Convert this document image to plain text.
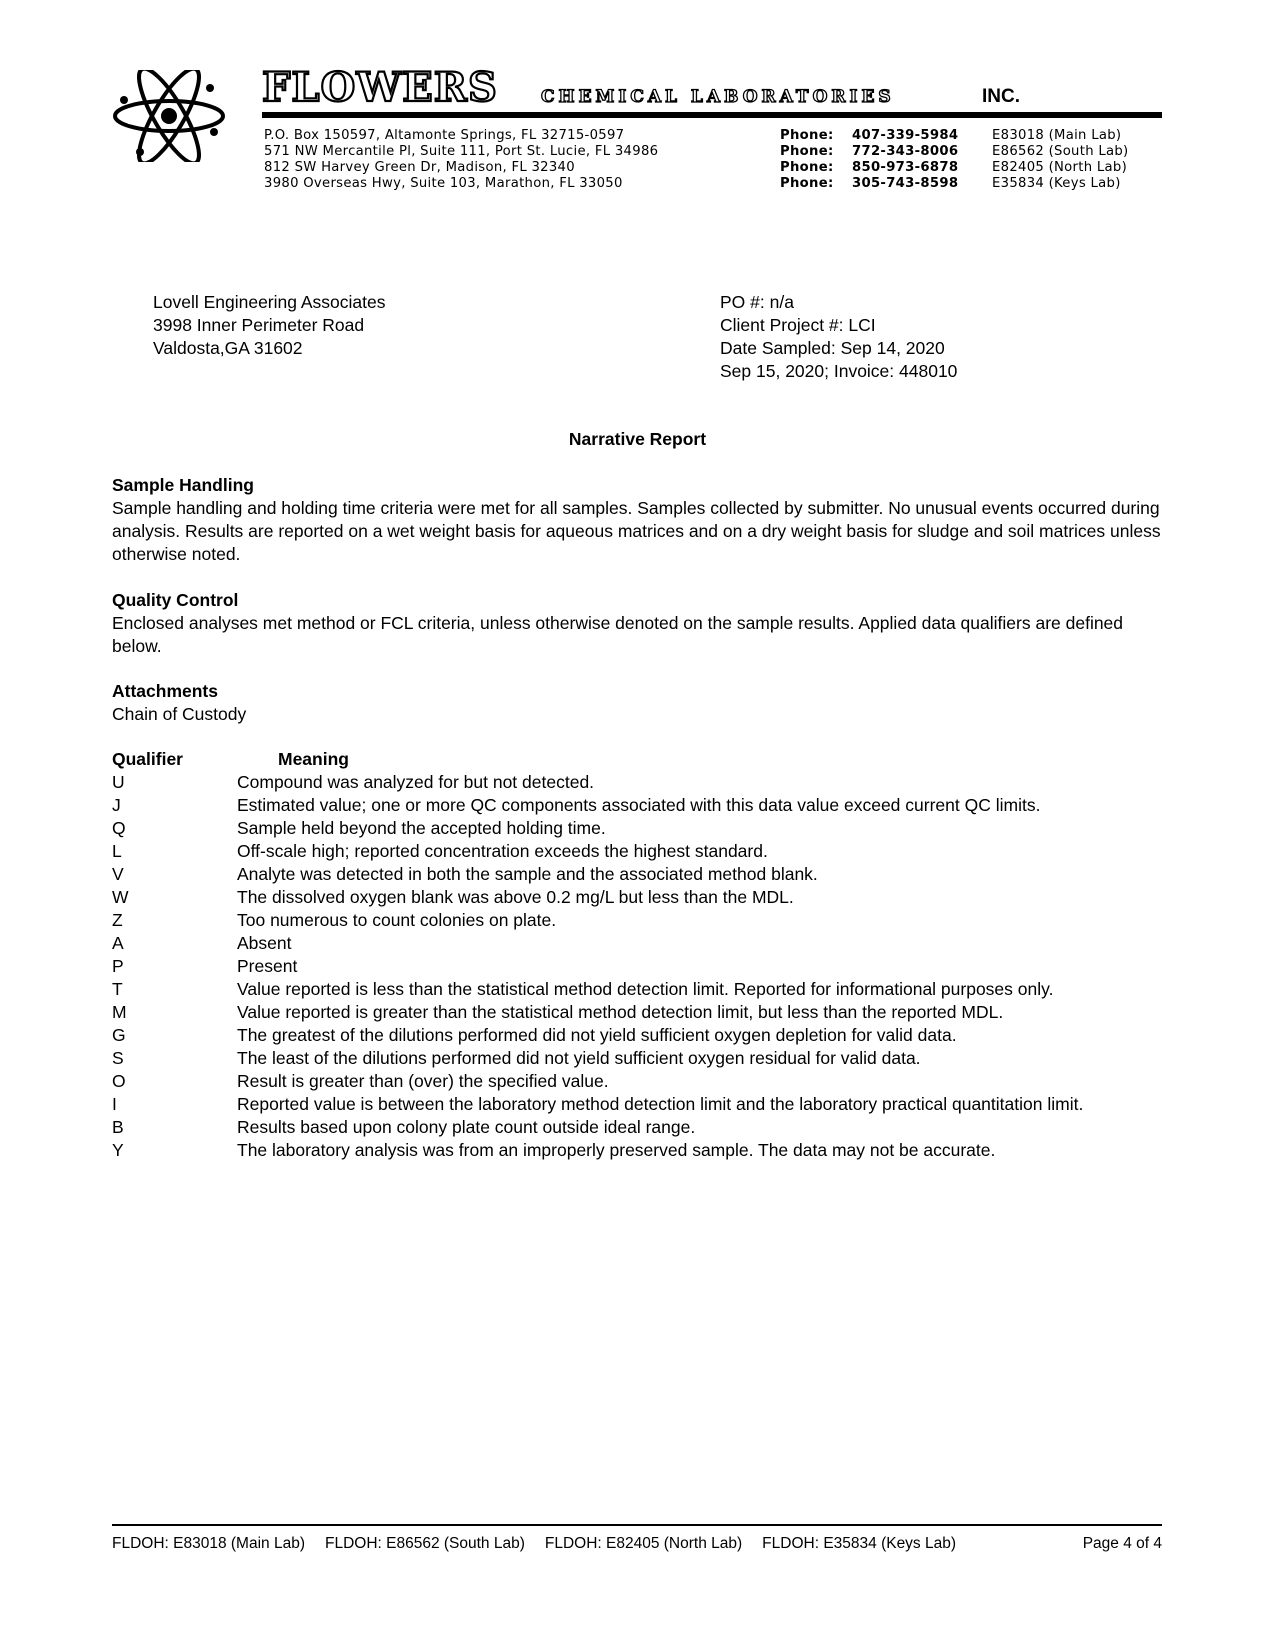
FLOWERS	CHEMICAL LABORATORIES	INC.
P.O. Box 150597, Altamonte Springs, FL 32715-0597
571 NW Mercantile Pl, Suite 111, Port St. Lucie, FL 34986
812 SW Harvey Green Dr, Madison, FL 32340
3980 Overseas Hwy, Suite 103, Marathon, FL 33050
Phone: 407-339-5984	E83018 (Main Lab)
Phone: 772-343-8006	E86562 (South Lab)
Phone: 850-973-6878	E82405 (North Lab)
Phone: 305-743-8598	E35834 (Keys Lab)
Lovell Engineering Associates
3998 Inner Perimeter Road
Valdosta,GA 31602
PO #: n/a
Client Project #: LCI
Date Sampled: Sep 14, 2020
Sep 15, 2020; Invoice: 448010
Narrative Report
Sample Handling
Sample handling and holding time criteria were met for all samples. Samples collected by submitter. No unusual events occurred during analysis. Results are reported on a wet weight basis for aqueous matrices and on a dry weight basis for sludge and soil matrices unless otherwise noted.
Quality Control
Enclosed analyses met method or FCL criteria, unless otherwise denoted on the sample results. Applied data qualifiers are defined below.
Attachments
Chain of Custody
Qualifier	Meaning
U	Compound was analyzed for but not detected.
J	Estimated value; one or more QC components associated with this data value exceed current QC limits.
Q	Sample held beyond the accepted holding time.
L	Off-scale high; reported concentration exceeds the highest standard.
V	Analyte was detected in both the sample and the associated method blank.
W	The dissolved oxygen blank was above 0.2 mg/L but less than the MDL.
Z	Too numerous to count colonies on plate.
A	Absent
P	Present
T	Value reported is less than the statistical method detection limit. Reported for informational purposes only.
M	Value reported is greater than the statistical method detection limit, but less than the reported MDL.
G	The greatest of the dilutions performed did not yield sufficient oxygen depletion for valid data.
S	The least of the dilutions performed did not yield sufficient oxygen residual for valid data.
O	Result is greater than (over) the specified value.
I	Reported value is between the laboratory method detection limit and the laboratory practical quantitation limit.
B	Results based upon colony plate count outside ideal range.
Y	The laboratory analysis was from an improperly preserved sample. The data may not be accurate.
FLDOH: E83018 (Main Lab) FLDOH: E86562 (South Lab) FLDOH: E82405 (North Lab) FLDOH: E35834 (Keys Lab)	Page 4 of 4
